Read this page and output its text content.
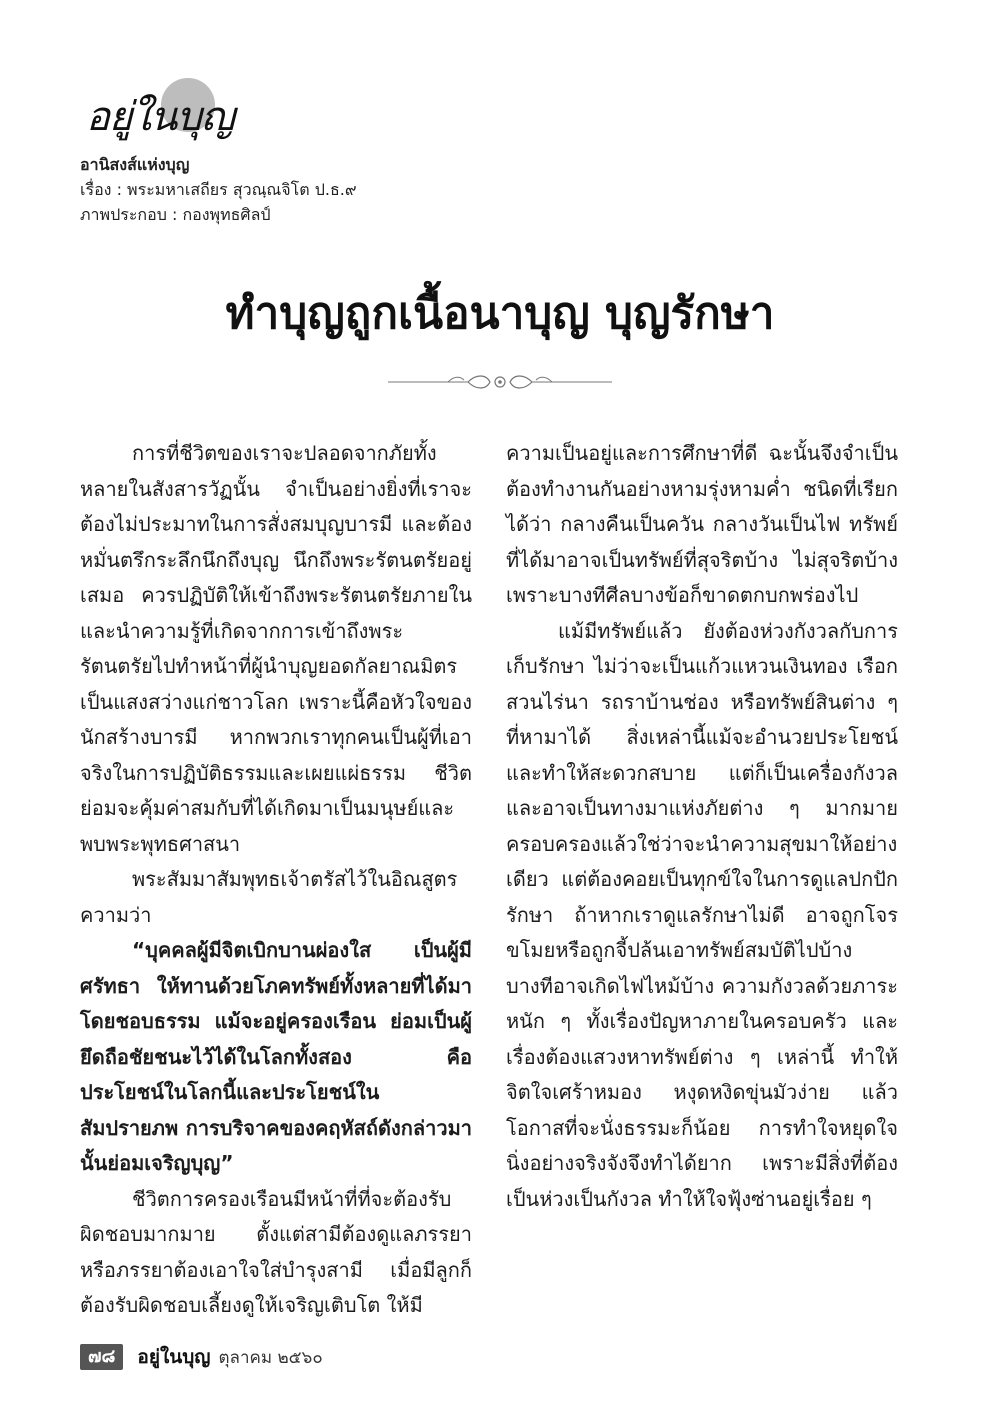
อยู่ในบุญ
อานิสงส์แห่งบุญ
เรื่อง : พระมหาเสถียร สุวณฺณจิโต ป.ธ.๙
ภาพประกอบ : กองพุทธศิลป์
ทำบุญถูกเนื้อนาบุญ บุญรักษา

การที่ชีวิตของเราจะปลอดจากภัยทั้งหลายในสังสารวัฏนั้น จำเป็นอย่างยิ่งที่เราจะต้องไม่ประมาทในการสั่งสมบุญบารมี และต้องหมั่นตรึกระลึกนึกถึงบุญ นึกถึงพระรัตนตรัยอยู่เสมอ ควรปฏิบัติให้เข้าถึงพระรัตนตรัยภายใน และนำความรู้ที่เกิดจากการเข้าถึงพระรัตนตรัยไปทำหน้าที่ผู้นำบุญยอดกัลยาณมิตร เป็นแสงสว่างแก่ชาวโลก เพราะนี้คือหัวใจของนักสร้างบารมี หากพวกเราทุกคนเป็นผู้ที่เอาจริงในการปฏิบัติธรรมและเผยแผ่ธรรม ชีวิตย่อมจะคุ้มค่าสมกับที่ได้เกิดมาเป็นมนุษย์และพบพระพุทธศาสนา

พระสัมมาสัมพุทธเจ้าตรัสไว้ในอิณสูตร ความว่า

“บุคคลผู้มีจิตเบิกบานผ่องใส เป็นผู้มีศรัทธา ให้ทานด้วยโภคทรัพย์ทั้งหลายที่ได้มาโดยชอบธรรม แม้จะอยู่ครองเรือน ย่อมเป็นผู้ยึดถือชัยชนะไว้ได้ในโลกทั้งสอง คือ ประโยชน์ในโลกนี้และประโยชน์ในสัมปรายภพ การบริจาคของคฤหัสถ์ดังกล่าวมานั้นย่อมเจริญบุญ”

ชีวิตการครองเรือนมีหน้าที่ที่จะต้องรับผิดชอบมากมาย ตั้งแต่สามีต้องดูแลภรรยา หรือภรรยาต้องเอาใจใส่บำรุงสามี เมื่อมีลูกก็ต้องรับผิดชอบเลี้ยงดูให้เจริญเติบโต ให้มี

ความเป็นอยู่และการศึกษาที่ดี ฉะนั้นจึงจำเป็นต้องทำงานกันอย่างหามรุ่งหามค่ำ ชนิดที่เรียกได้ว่า กลางคืนเป็นควัน กลางวันเป็นไฟ ทรัพย์ที่ได้มาอาจเป็นทรัพย์ที่สุจริตบ้าง ไม่สุจริตบ้าง เพราะบางทีศีลบางข้อก็ขาดตกบกพร่องไป

แม้มีทรัพย์แล้ว ยังต้องห่วงกังวลกับการเก็บรักษา ไม่ว่าจะเป็นแก้วแหวนเงินทอง เรือกสวนไร่นา รถราบ้านช่อง หรือทรัพย์สินต่าง ๆ ที่หามาได้ สิ่งเหล่านี้แม้จะอำนวยประโยชน์และทำให้สะดวกสบาย แต่ก็เป็นเครื่องกังวลและอาจเป็นทางมาแห่งภัยต่าง ๆ มากมาย ครอบครองแล้วใช่ว่าจะนำความสุขมาให้อย่างเดียว แต่ต้องคอยเป็นทุกข์ใจในการดูแลปกปักรักษา ถ้าหากเราดูแลรักษาไม่ดี อาจถูกโจรขโมยหรือถูกจี้ปล้นเอาทรัพย์สมบัติไปบ้าง บางทีอาจเกิดไฟไหม้บ้าง ความกังวลด้วยภาระหนัก ๆ ทั้งเรื่องปัญหาภายในครอบครัว และเรื่องต้องแสวงหาทรัพย์ต่าง ๆ เหล่านี้ ทำให้จิตใจเศร้าหมอง หงุดหงิดขุ่นมัวง่าย แล้วโอกาสที่จะนั่งธรรมะก็น้อย การทำใจหยุดใจนิ่งอย่างจริงจังจึงทำได้ยาก เพราะมีสิ่งที่ต้องเป็นห่วงเป็นกังวล ทำให้ใจฟุ้งซ่านอยู่เรื่อย ๆ

๗๘	อยู่ในบุญ ตุลาคม ๒๕๖๐
